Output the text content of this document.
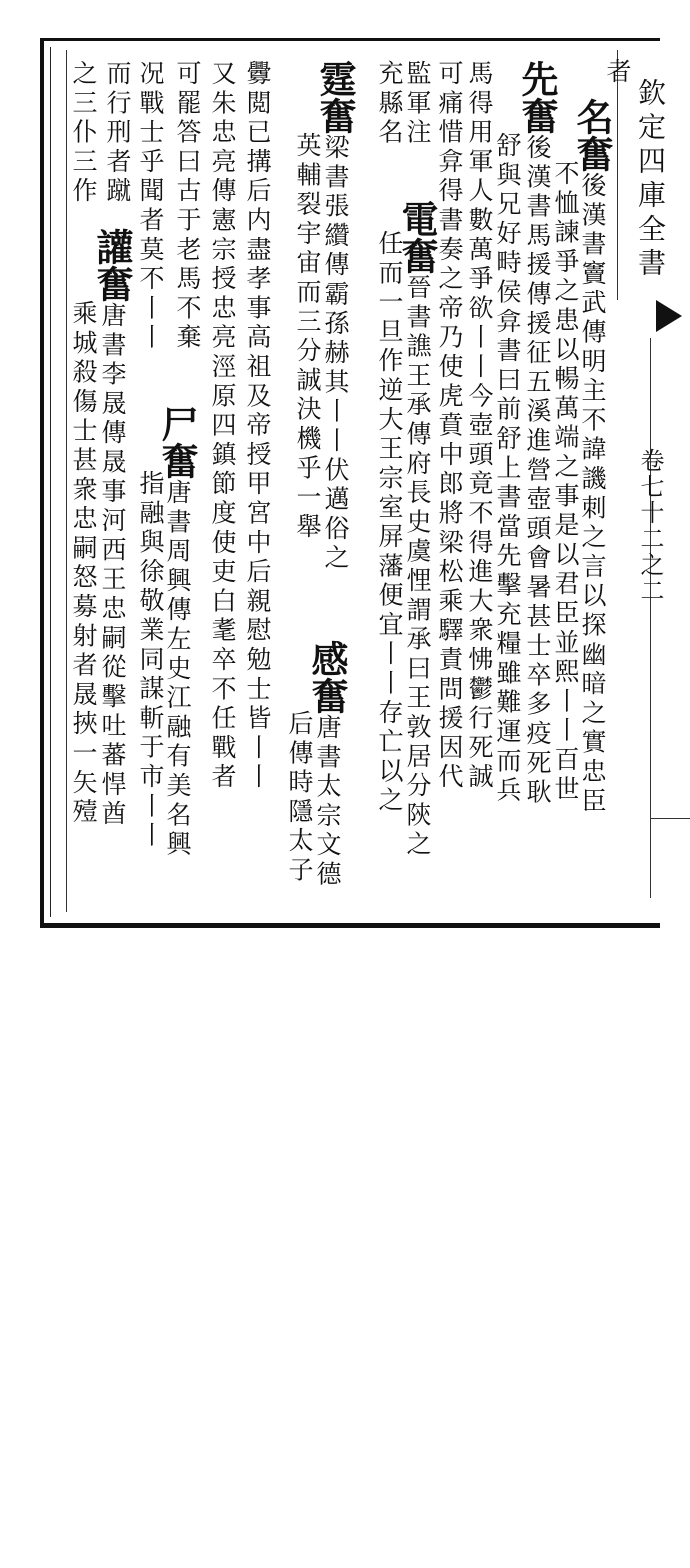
欽定四庫全書
卷七十二之二
者
名奮後漢書竇武傳明主不諱譏刺之言以探幽暗之實忠臣
不恤諫爭之患以暢萬端之事是以君臣並熙丨丨百世
先奮後漢書馬援傳援征五溪進營壺頭會暑甚士卒多疫死耿
舒與兄好畤侯弇書曰前舒上書當先擊充糧雖難運而兵
馬得用軍人數萬爭欲丨丨今壺頭竟不得進大衆怫鬱行死誠
可痛惜弇得書奏之帝乃使虎賁中郎將梁松乘驛責問援因代
監軍注
電奮晉書譙王承傳府長史虞悝謂承曰王敦居分陝之
充縣名
任而一旦作逆大王宗室屏藩便宜丨丨存亡以之
霆奮梁書張纘傳霸孫赫其丨丨伏邁俗之
感奮唐書太宗文德
英輔裂宇宙而三分誠決機乎一舉
后傳時隱太子
釁閲已搆后内盡孝事高祖及帝授甲宮中后親慰勉士皆丨丨
又朱忠亮傳憲宗授忠亮涇原四鎮節度使吏白耄卒不任戰者
可罷答曰古于老馬不棄
尸奮唐書周興傳左史江融有美名興
况戰士乎聞者莫不丨丨
指融與徐敬業同謀斬于市丨丨
而行刑者蹴
讙奮唐書李晟傳晟事河西王忠嗣從擊吐蕃悍酋
之三仆三作
乘城殺傷士甚衆忠嗣怒募射者晟挾一矢殪
